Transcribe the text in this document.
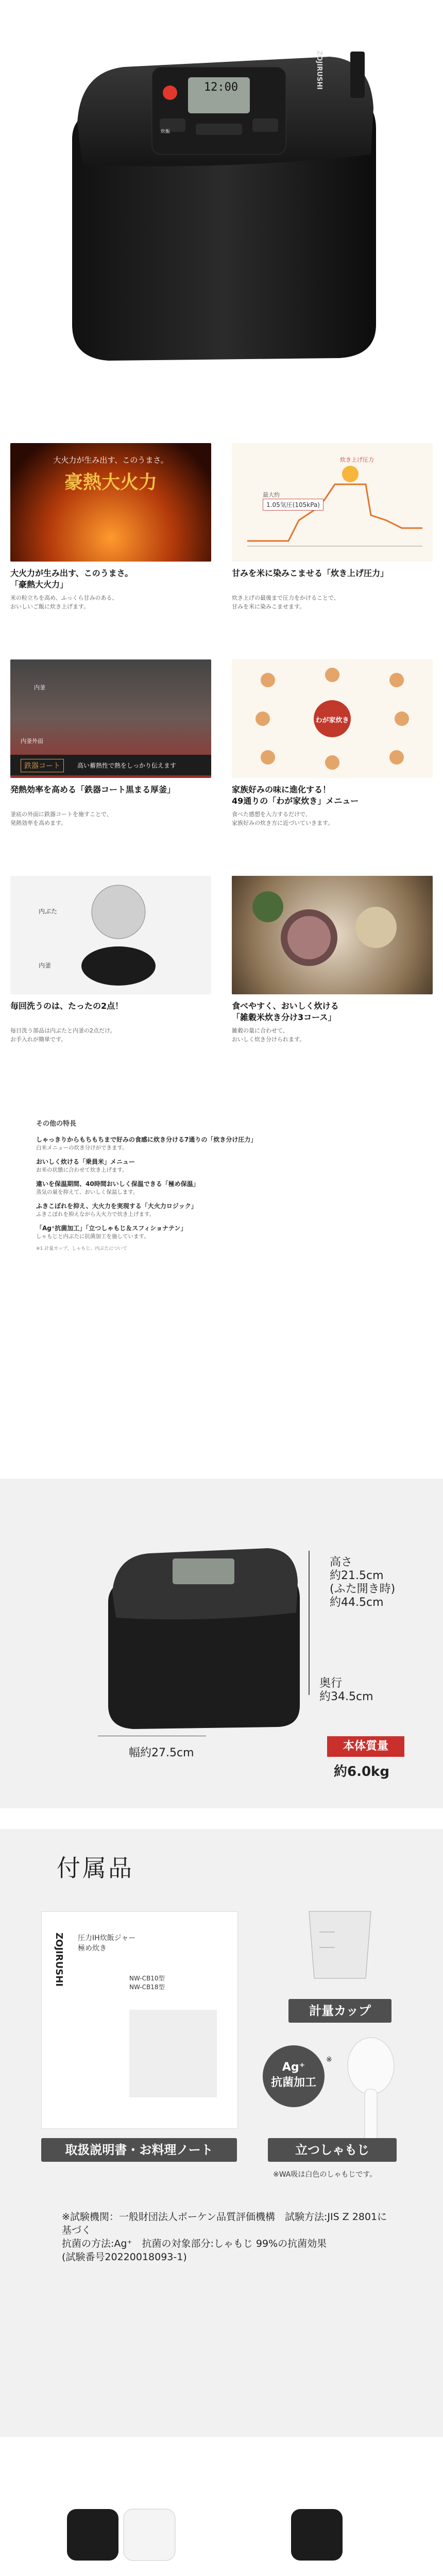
ZOJIRUSHI
12:00
炊飯
大火力が生み出す、このうまさ。
豪熱大火力
大火力が生み出す、このうまさ。
「豪熱大火力」
米の粒立ちを高め、ふっくら甘みのある、
おいしいご飯に炊き上げます。
最大約
1.05気圧(105kPa)
炊き上げ圧力
甘みを米に染みこませる「炊き上げ圧力」
炊き上げの最後まで圧力をかけることで、
甘みを米に染みこませます。
内釜
内釜外面
鉄器コート	高い蓄熱性で熱をしっかり伝えます
発熱効率を高める「鉄器コート黒まる厚釜」
釜底の外面に鉄器コートを施すことで、
発熱効率を高めます。
わが家炊き
家族好みの味に進化する！
49通りの「わが家炊き」メニュー
食べた感想を入力するだけで、
家族好みの炊き方に近づいていきます。
内ぶた
内釜
毎回洗うのは、たったの2点！
毎日洗う部品は内ぶたと内釜の2点だけ。
お手入れが簡単です。
食べやすく、おいしく炊ける
「雑穀米炊き分け3コース」
雑穀の量に合わせて、
おいしく炊き分けられます。
その他の特長
しゃっきりからもちもちまで好みの食感に炊き分ける7通りの「炊き分け圧力」
白米メニューの炊き分けができます。
おいしく炊ける「乗員米」メニュー
お米の状態に合わせて炊き上げます。
違いを保温期間、40時間おいしく保温できる「極め保温」
蒸気の量を抑えて、おいしく保温します。
ふきこぼれを抑え、大火力を実現する「大火力ロジック」
ふきこぼれを抑えながら大火力で炊き上げます。
「Ag⁺抗菌加工」「立つしゃもじ＆スフィショナテン」
しゃもじと内ぶたに抗菌加工を施しています。
※1 計量カップ、しゃもじ、内ぶたについて
高さ
約21.5cm
(ふた開き時)
約44.5cm
奥行
約34.5cm
幅約27.5cm
本体質量
約6.0kg
付属品
ZOJIRUSHI 圧力IH炊飯ジャー
極め炊き
NW-CB10型
NW-CB18型
取扱説明書・お料理ノート
計量カップ
Ag⁺
抗菌加工
※
立つしゃもじ
※WA吸は白色のしゃもじです。
※試験機関：一般財団法人ボーケン品質評価機構　試験方法:JIS Z 2801に基づく
抗菌の方法:Ag⁺　抗菌の対象部分:しゃもじ 99%の抗菌効果
(試験番号20220018093-1)
